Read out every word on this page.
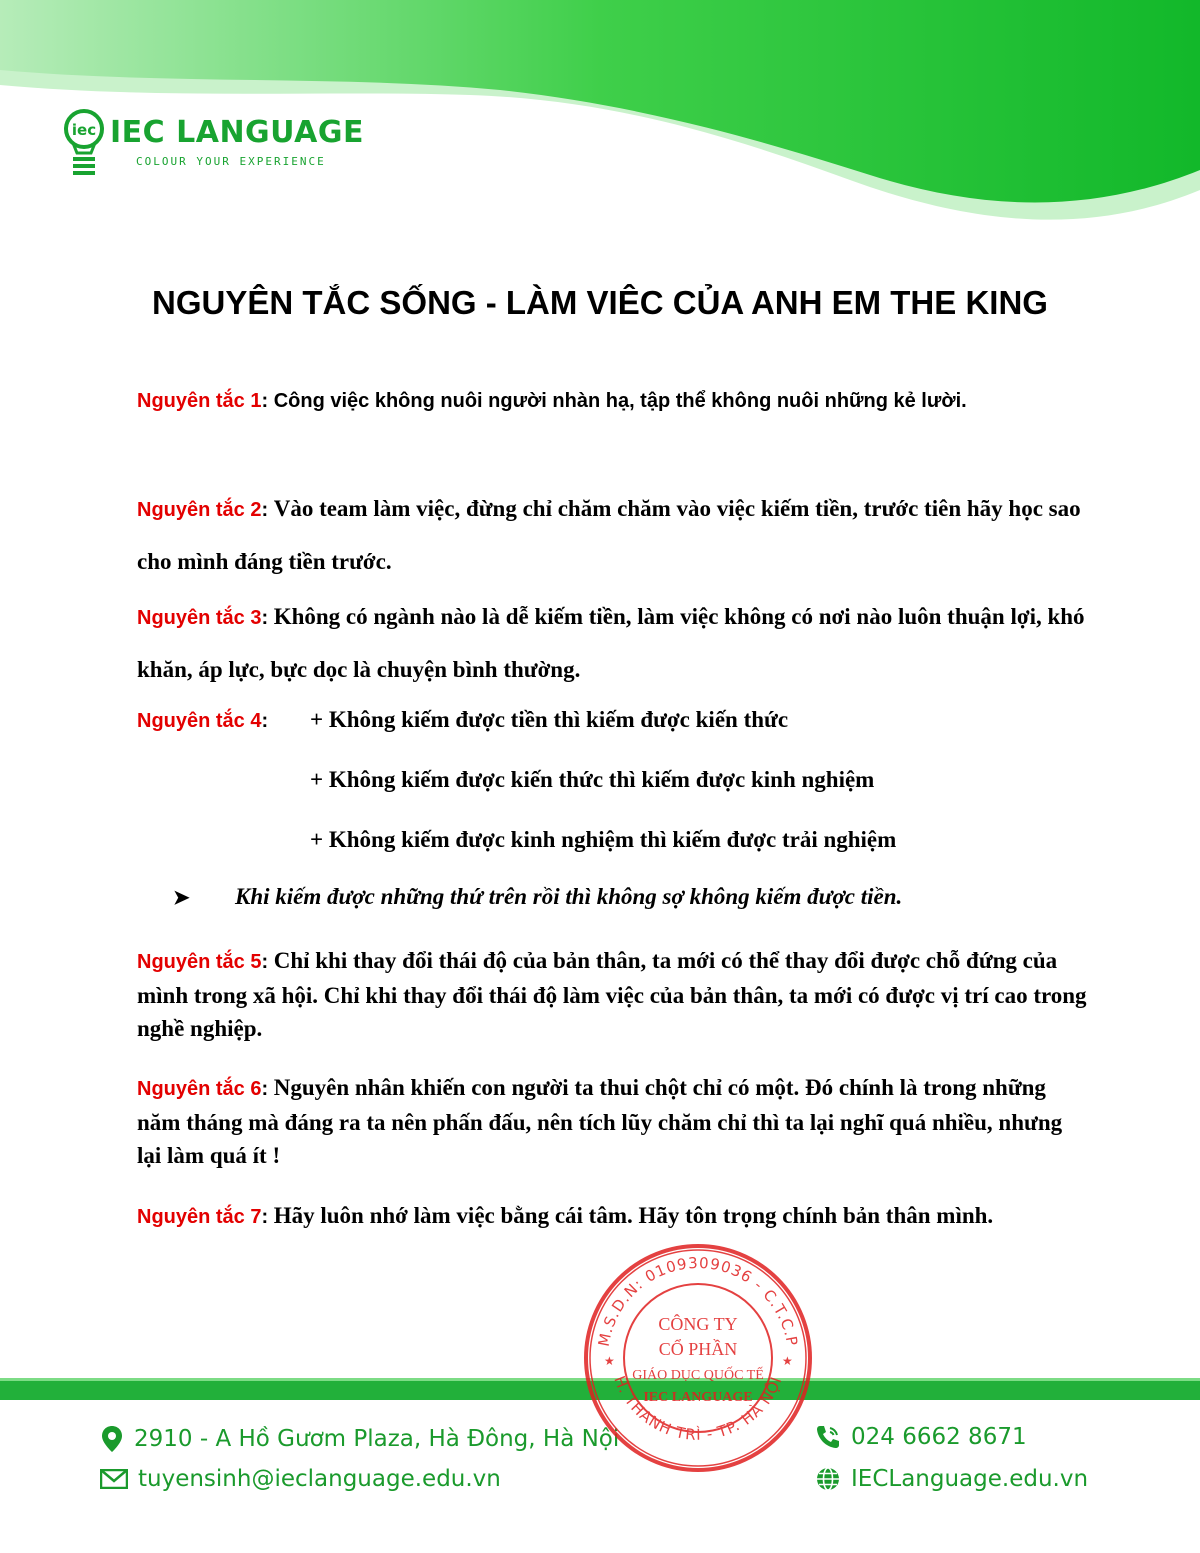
iec IEC LANGUAGE
COLOUR YOUR EXPERIENCE
NGUYÊN TẮC SỐNG - LÀM VIÊC CỦA ANH EM THE KING

Nguyên tắc 1: Công việc không nuôi người nhàn hạ, tập thể không nuôi những kẻ lười.

Nguyên tắc 2: Vào team làm việc, đừng chỉ chăm chăm vào việc kiếm tiền, trước tiên hãy học sao cho mình đáng tiền trước.

Nguyên tắc 3: Không có ngành nào là dễ kiếm tiền, làm việc không có nơi nào luôn thuận lợi, khó khăn, áp lực, bực dọc là chuyện bình thường.

Nguyên tắc 4:	+ Không kiếm được tiền thì kiếm được kiến thức

+ Không kiếm được kiến thức thì kiếm được kinh nghiệm

+ Không kiếm được kinh nghiệm thì kiếm được trải nghiệm

➤ Khi kiếm được những thứ trên rồi thì không sợ không kiếm được tiền.

Nguyên tắc 5: Chỉ khi thay đổi thái độ của bản thân, ta mới có thể thay đổi được chỗ đứng của mình trong xã hội. Chỉ khi thay đổi thái độ làm việc của bản thân, ta mới có được vị trí cao trong nghề nghiệp.

Nguyên tắc 6: Nguyên nhân khiến con người ta thui chột chỉ có một. Đó chính là trong những năm tháng mà đáng ra ta nên phấn đấu, nên tích lũy chăm chỉ thì ta lại nghĩ quá nhiều, nhưng lại làm quá ít !

Nguyên tắc 7: Hãy luôn nhớ làm việc bằng cái tâm. Hãy tôn trọng chính bản thân mình.

2910 - A Hồ Gươm Plaza, Hà Đông, Hà Nội
tuyensinh@ieclanguage.edu.vn
024 6662 8671
IECLanguage.edu.vn
M.S.D.N: 0109309036 - C.T.C.P
H. THANH TRÌ - TP. HÀ NỘI
★	★
CÔNG TY
CỔ PHẦN
GIÁO DỤC QUỐC TẾ
IEC LANGUAGE
